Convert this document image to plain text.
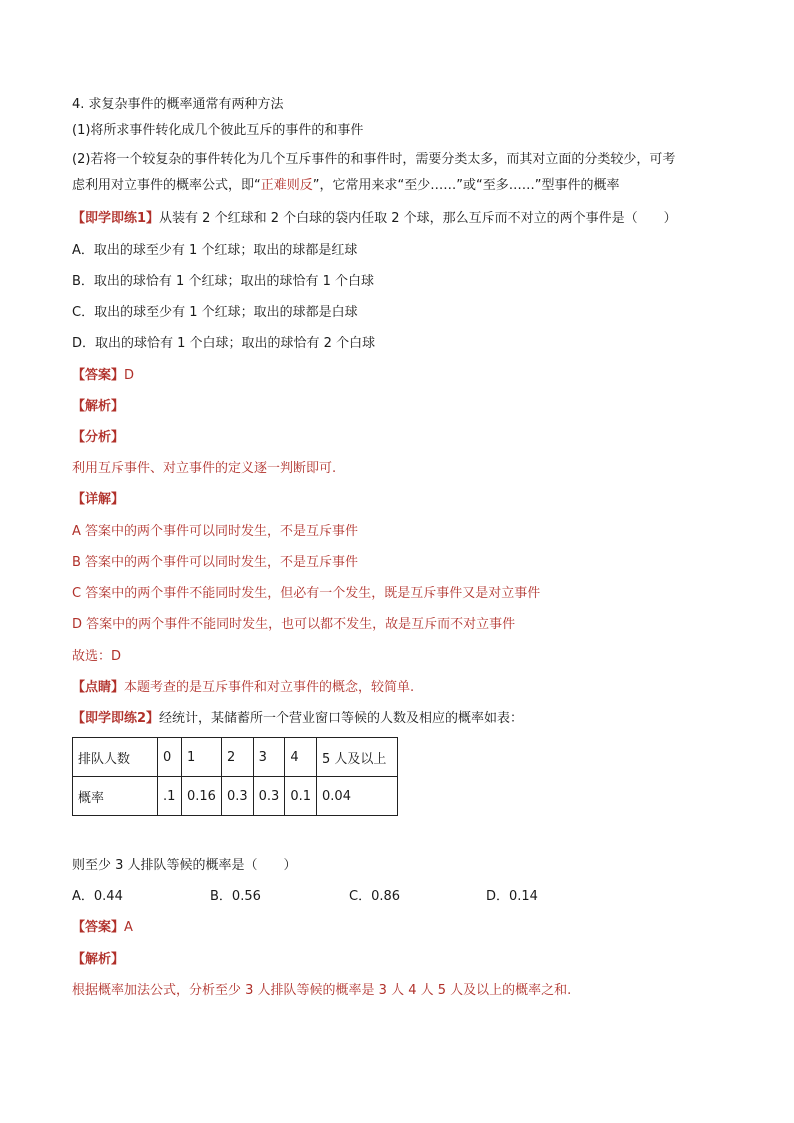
4. 求复杂事件的概率通常有两种方法
(1)将所求事件转化成几个彼此互斥的事件的和事件
(2)若将一个较复杂的事件转化为几个互斥事件的和事件时，需要分类太多，而其对立面的分类较少，可考
虑利用对立事件的概率公式，即“正难则反”，它常用来求“至少……”或“至多……”型事件的概率
【即学即练1】从装有 2 个红球和 2 个白球的袋内任取 2 个球，那么互斥而不对立的两个事件是（　　）
A．取出的球至少有 1 个红球；取出的球都是红球
B．取出的球恰有 1 个红球；取出的球恰有 1 个白球
C．取出的球至少有 1 个红球；取出的球都是白球
D．取出的球恰有 1 个白球；取出的球恰有 2 个白球
【答案】D
【解析】
【分析】
利用互斥事件、对立事件的定义逐一判断即可.
【详解】
A 答案中的两个事件可以同时发生，不是互斥事件
B 答案中的两个事件可以同时发生，不是互斥事件
C 答案中的两个事件不能同时发生，但必有一个发生，既是互斥事件又是对立事件
D 答案中的两个事件不能同时发生，也可以都不发生，故是互斥而不对立事件
故选：D
【点睛】本题考查的是互斥事件和对立事件的概念，较简单.
【即学即练2】经统计，某储蓄所一个营业窗口等候的人数及相应的概率如表：
排队人数	0	1	2	3	4	5 人及以上
概率	.1	0.16	0.3	0.3	0.1	0.04
则至少 3 人排队等候的概率是（　　）
A．0.44	B．0.56	C．0.86	D．0.14
【答案】A
【解析】
根据概率加法公式，分析至少 3 人排队等候的概率是 3 人 4 人 5 人及以上的概率之和.
